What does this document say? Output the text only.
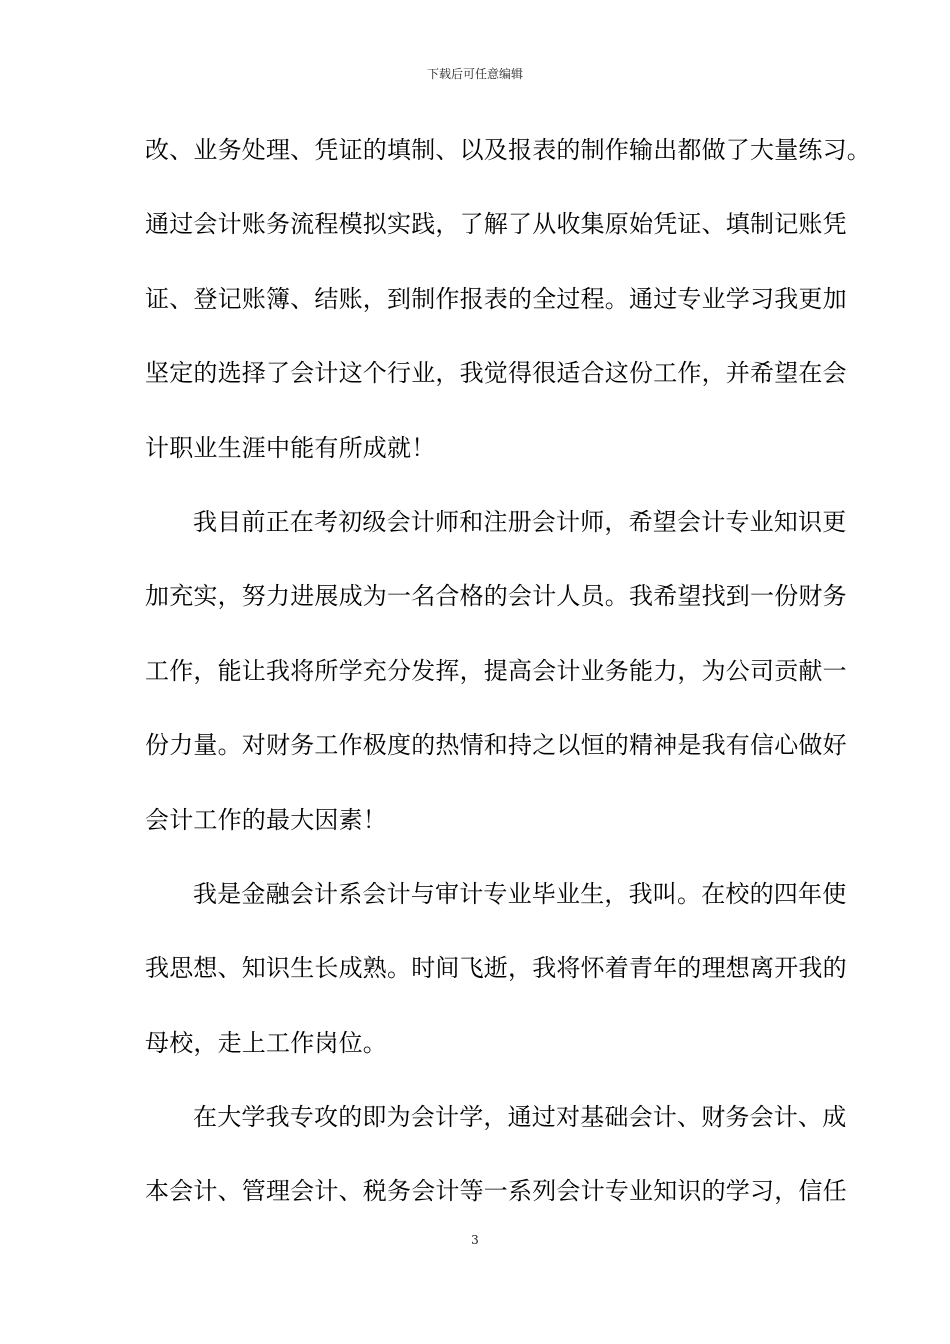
下载后可任意编辑
改、业务处理、凭证的填制、以及报表的制作输出都做了大量练习。
通过会计账务流程模拟实践，了解了从收集原始凭证、填制记账凭
证、登记账簿、结账，到制作报表的全过程。通过专业学习我更加
坚定的选择了会计这个行业，我觉得很适合这份工作，并希望在会
计职业生涯中能有所成就！
我目前正在考初级会计师和注册会计师，希望会计专业知识更
加充实，努力进展成为一名合格的会计人员。我希望找到一份财务
工作，能让我将所学充分发挥，提高会计业务能力，为公司贡献一
份力量。对财务工作极度的热情和持之以恒的精神是我有信心做好
会计工作的最大因素！
我是金融会计系会计与审计专业毕业生，我叫。在校的四年使
我思想、知识生长成熟。时间飞逝，我将怀着青年的理想离开我的
母校，走上工作岗位。
在大学我专攻的即为会计学，通过对基础会计、财务会计、成
本会计、管理会计、税务会计等一系列会计专业知识的学习，信任
3
